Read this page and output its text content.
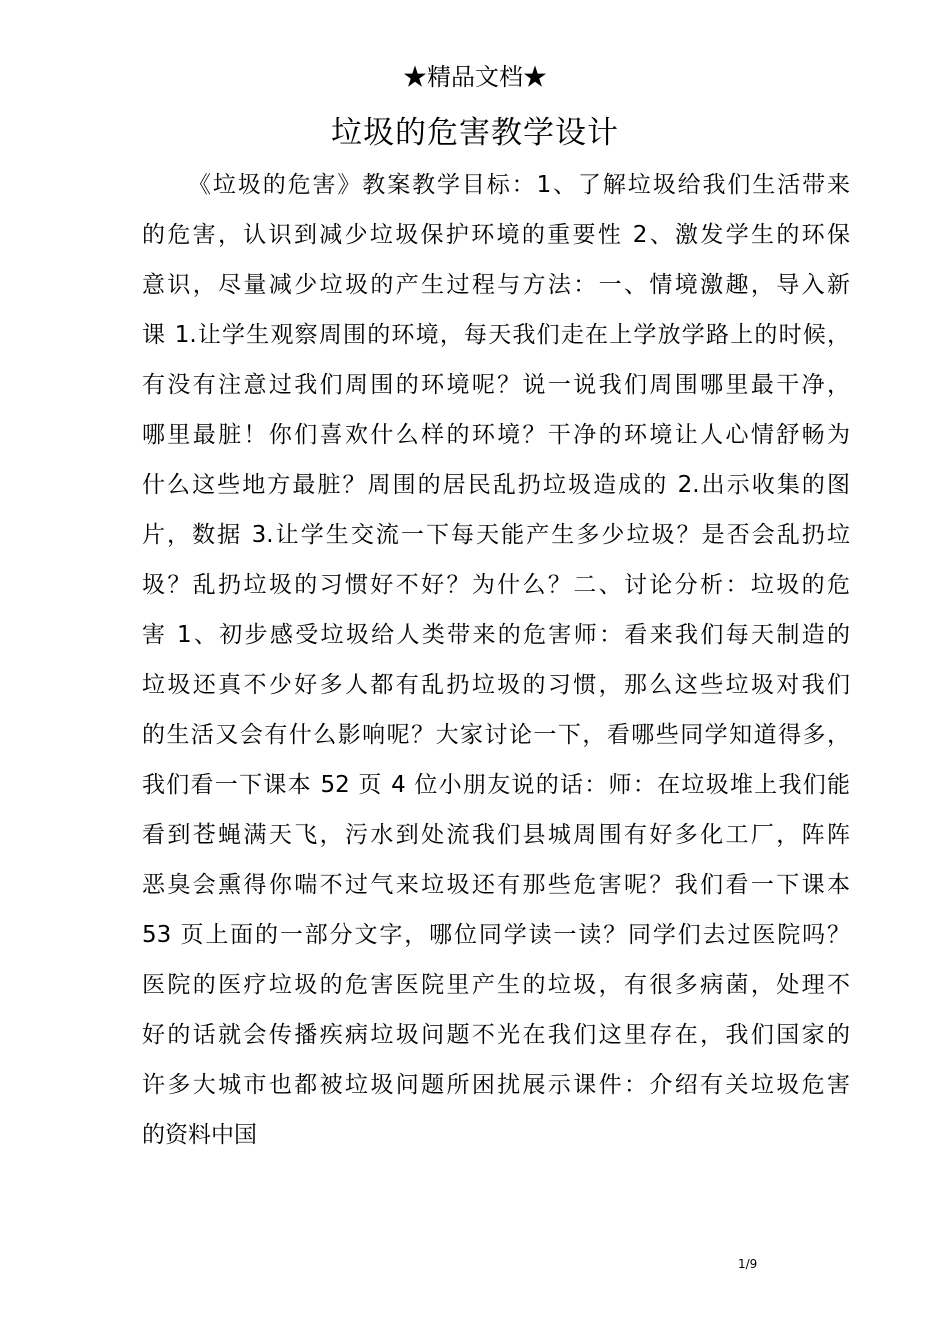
★精品文档★
垃圾的危害教学设计
《垃圾的危害》教案教学目标：1、了解垃圾给我们生活带来
的危害，认识到减少垃圾保护环境的重要性 2、激发学生的环保
意识，尽量减少垃圾的产生过程与方法：一、情境激趣，导入新
课 1.让学生观察周围的环境，每天我们走在上学放学路上的时候，
有没有注意过我们周围的环境呢？说一说我们周围哪里最干净，
哪里最脏！你们喜欢什么样的环境？干净的环境让人心情舒畅为
什么这些地方最脏？周围的居民乱扔垃圾造成的 2.出示收集的图
片，数据 3.让学生交流一下每天能产生多少垃圾？是否会乱扔垃
圾？乱扔垃圾的习惯好不好？为什么？二、讨论分析：垃圾的危
害 1、初步感受垃圾给人类带来的危害师：看来我们每天制造的
垃圾还真不少好多人都有乱扔垃圾的习惯，那么这些垃圾对我们
的生活又会有什么影响呢？大家讨论一下，看哪些同学知道得多，
我们看一下课本 52 页 4 位小朋友说的话：师：在垃圾堆上我们能
看到苍蝇满天飞，污水到处流我们县城周围有好多化工厂，阵阵
恶臭会熏得你喘不过气来垃圾还有那些危害呢？我们看一下课本
53 页上面的一部分文字，哪位同学读一读？同学们去过医院吗？
医院的医疗垃圾的危害医院里产生的垃圾，有很多病菌，处理不
好的话就会传播疾病垃圾问题不光在我们这里存在，我们国家的
许多大城市也都被垃圾问题所困扰展示课件：介绍有关垃圾危害
的资料中国
1/9
